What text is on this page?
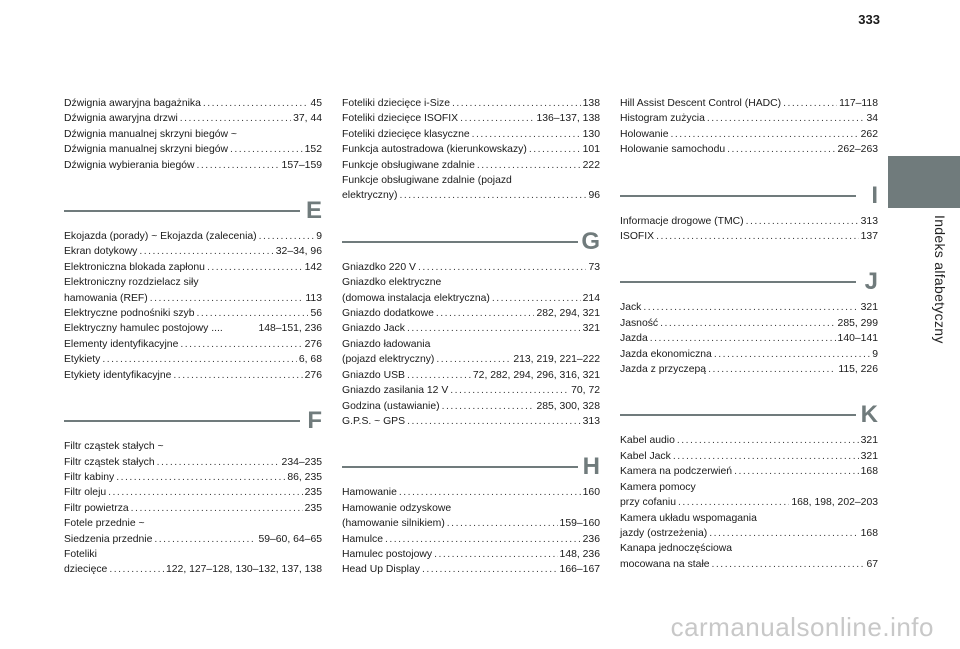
333
Indeks alfabetyczny
Dźwignia awaryjna bagażnika .....	45
Dźwignia awaryjna drzwi .....	37, 44
Dźwignia manualnej skrzyni biegów ~
Dźwignia manualnej skrzyni biegów .....	152
Dźwignia wybierania biegów .....	157–159
E
Ekojazda (porady) ~ Ekojazda (zalecenia) .....	9
Ekran dotykowy .....	32–34, 96
Elektroniczna blokada zapłonu .....	142
Elektroniczny rozdzielacz siły
hamowania (REF) .....	113
Elektryczne podnośniki szyb .....	56
Elektryczny hamulec postojowy ....	148–151, 236
Elementy identyfikacyjne .....	276
Etykiety .....	6, 68
Etykiety identyfikacyjne .....	276
F
Filtr cząstek stałych ~
Filtr cząstek stałych .....	234–235
Filtr kabiny .....	86, 235
Filtr oleju .....	235
Filtr powietrza .....	235
Fotele przednie ~
Siedzenia przednie .....	59–60, 64–65
Foteliki
dziecięce .....	122, 127–128, 130–132, 137, 138
Foteliki dziecięce i-Size .....	138
Foteliki dziecięce ISOFIX .....	136–137, 138
Foteliki dziecięce klasyczne .....	130
Funkcja autostradowa (kierunkowskazy) .....	101
Funkcje obsługiwane zdalnie .....	222
Funkcje obsługiwane zdalnie (pojazd
elektryczny) .....	96
G
Gniazdko 220 V .....	73
Gniazdko elektryczne
(domowa instalacja elektryczna) .....	214
Gniazdo dodatkowe .....	282, 294, 321
Gniazdo Jack .....	321
Gniazdo ładowania
(pojazd elektryczny) .....	213, 219, 221–222
Gniazdo USB .....	72, 282, 294, 296, 316, 321
Gniazdo zasilania 12 V .....	70, 72
Godzina (ustawianie) .....	285, 300, 328
G.P.S. ~ GPS .....	313
H
Hamowanie .....	160
Hamowanie odzyskowe
(hamowanie silnikiem) .....	159–160
Hamulce .....	236
Hamulec postojowy .....	148, 236
Head Up Display .....	166–167
Hill Assist Descent Control (HADC) .....	117–118
Histogram zużycia .....	34
Holowanie .....	262
Holowanie samochodu .....	262–263
I
Informacje drogowe (TMC) .....	313
ISOFIX .....	137
J
Jack .....	321
Jasność .....	285, 299
Jazda .....	140–141
Jazda ekonomiczna .....	9
Jazda z przyczepą .....	115, 226
K
Kabel audio .....	321
Kabel Jack .....	321
Kamera na podczerwień .....	168
Kamera pomocy
przy cofaniu .....	168, 198, 202–203
Kamera układu wspomagania
jazdy (ostrzeżenia) .....	168
Kanapa jednoczęściowa
mocowana na stałe .....	67
carmanualsonline.info
